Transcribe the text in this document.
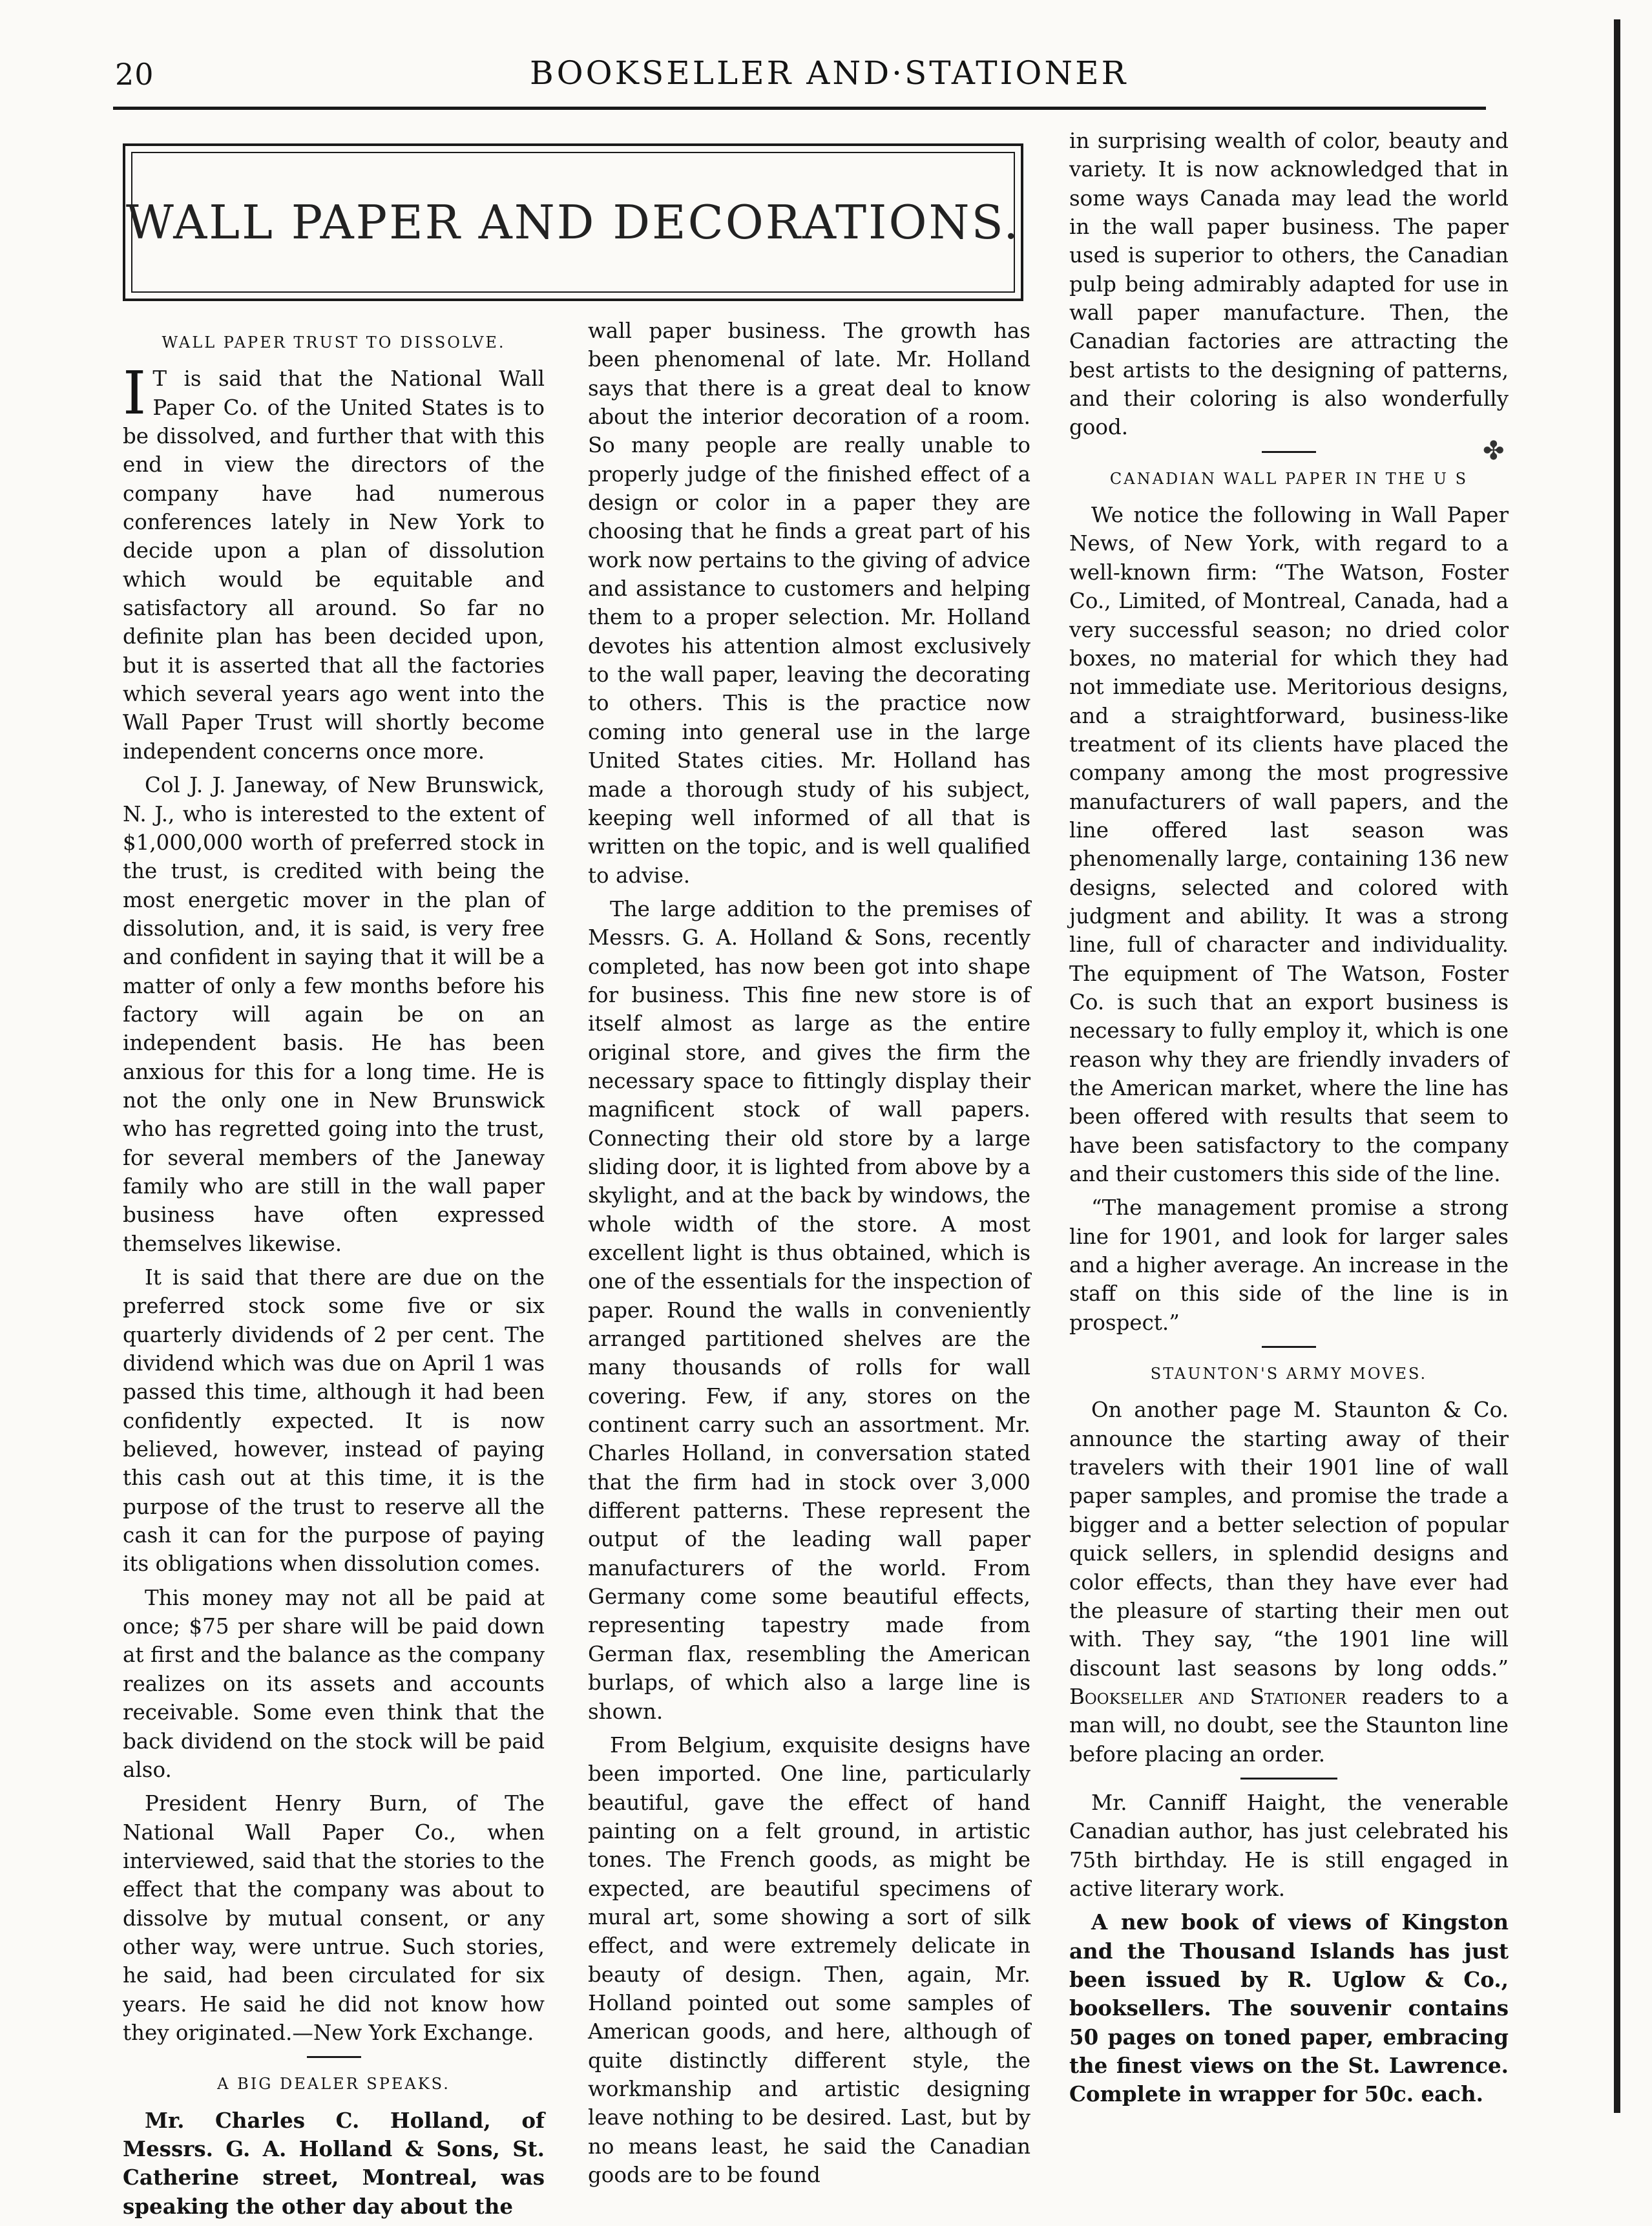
20	BOOKSELLER AND·STATIONER
WALL PAPER AND DECORATIONS.
WALL PAPER TRUST TO DISSOLVE.

I T is said that the National Wall Paper Co. of the United States is to be dissolved, and further that with this end in view the directors of the company have had numerous conferences lately in New York to decide upon a plan of dissolution which would be equitable and satisfactory all around. So far no definite plan has been decided upon, but it is asserted that all the factories which several years ago went into the Wall Paper Trust will shortly become independent concerns once more.

Col J. J. Janeway, of New Brunswick, N. J., who is interested to the extent of $1,000,000 worth of preferred stock in the trust, is credited with being the most energetic mover in the plan of dissolution, and, it is said, is very free and confident in saying that it will be a matter of only a few months before his factory will again be on an independent basis. He has been anxious for this for a long time. He is not the only one in New Brunswick who has regretted going into the trust, for several members of the Janeway family who are still in the wall paper business have often expressed themselves likewise.

It is said that there are due on the preferred stock some five or six quarterly dividends of 2 per cent. The dividend which was due on April 1 was passed this time, although it had been confidently expected. It is now believed, however, instead of paying this cash out at this time, it is the purpose of the trust to reserve all the cash it can for the purpose of paying its obligations when dissolution comes.

This money may not all be paid at once; $75 per share will be paid down at first and the balance as the company realizes on its assets and accounts receivable. Some even think that the back dividend on the stock will be paid also.

President Henry Burn, of The National Wall Paper Co., when interviewed, said that the stories to the effect that the company was about to dissolve by mutual consent, or any other way, were untrue. Such stories, he said, had been circulated for six years. He said he did not know how they originated.—New York Exchange.

A BIG DEALER SPEAKS.

Mr. Charles C. Holland, of Messrs. G. A. Holland & Sons, St. Catherine street, Montreal, was speaking the other day about the

wall paper business. The growth has been phenomenal of late. Mr. Holland says that there is a great deal to know about the interior decoration of a room. So many people are really unable to properly judge of the finished effect of a design or color in a paper they are choosing that he finds a great part of his work now pertains to the giving of advice and assistance to customers and helping them to a proper selection. Mr. Holland devotes his attention almost exclusively to the wall paper, leaving the decorating to others. This is the practice now coming into general use in the large United States cities. Mr. Holland has made a thorough study of his subject, keeping well informed of all that is written on the topic, and is well qualified to advise.

The large addition to the premises of Messrs. G. A. Holland & Sons, recently completed, has now been got into shape for business. This fine new store is of itself almost as large as the entire original store, and gives the firm the necessary space to fittingly display their magnificent stock of wall papers. Connecting their old store by a large sliding door, it is lighted from above by a skylight, and at the back by windows, the whole width of the store. A most excellent light is thus obtained, which is one of the essentials for the inspection of paper. Round the walls in conveniently arranged partitioned shelves are the many thousands of rolls for wall covering. Few, if any, stores on the continent carry such an assortment. Mr. Charles Holland, in conversation stated that the firm had in stock over 3,000 different patterns. These represent the output of the leading wall paper manufacturers of the world. From Germany come some beautiful effects, representing tapestry made from German flax, resembling the American burlaps, of which also a large line is shown.

From Belgium, exquisite designs have been imported. One line, particularly beautiful, gave the effect of hand painting on a felt ground, in artistic tones. The French goods, as might be expected, are beautiful specimens of mural art, some showing a sort of silk effect, and were extremely delicate in beauty of design. Then, again, Mr. Holland pointed out some samples of American goods, and here, although of quite distinctly different style, the workmanship and artistic designing leave nothing to be desired. Last, but by no means least, he said the Canadian goods are to be found

in surprising wealth of color, beauty and variety. It is now acknowledged that in some ways Canada may lead the world in the wall paper business. The paper used is superior to others, the Canadian pulp being admirably adapted for use in wall paper manufacture. Then, the Canadian factories are attracting the best artists to the designing of patterns, and their coloring is also wonderfully good.

CANADIAN WALL PAPER IN THE U S

We notice the following in Wall Paper News, of New York, with regard to a well-known firm: “The Watson, Foster Co., Limited, of Montreal, Canada, had a very successful season; no dried color boxes, no material for which they had not immediate use. Meritorious designs, and a straightforward, business-like treatment of its clients have placed the company among the most progressive manufacturers of wall papers, and the line offered last season was phenomenally large, containing 136 new designs, selected and colored with judgment and ability. It was a strong line, full of character and individuality. The equipment of The Watson, Foster Co. is such that an export business is necessary to fully employ it, which is one reason why they are friendly invaders of the American market, where the line has been offered with results that seem to have been satisfactory to the company and their customers this side of the line.

“The management promise a strong line for 1901, and look for larger sales and a higher average. An increase in the staff on this side of the line is in prospect.”

STAUNTON'S ARMY MOVES.

On another page M. Staunton & Co. announce the starting away of their travelers with their 1901 line of wall paper samples, and promise the trade a bigger and a better selection of popular quick sellers, in splendid designs and color effects, than they have ever had the pleasure of starting their men out with. They say, “the 1901 line will discount last seasons by long odds.” Bookseller and Stationer readers to a man will, no doubt, see the Staunton line before placing an order.

Mr. Canniff Haight, the venerable Canadian author, has just celebrated his 75th birthday. He is still engaged in active literary work.

A new book of views of Kingston and the Thousand Islands has just been issued by R. Uglow & Co., booksellers. The souvenir contains 50 pages on toned paper, embracing the finest views on the St. Lawrence. Complete in wrapper for 50c. each.

✤
